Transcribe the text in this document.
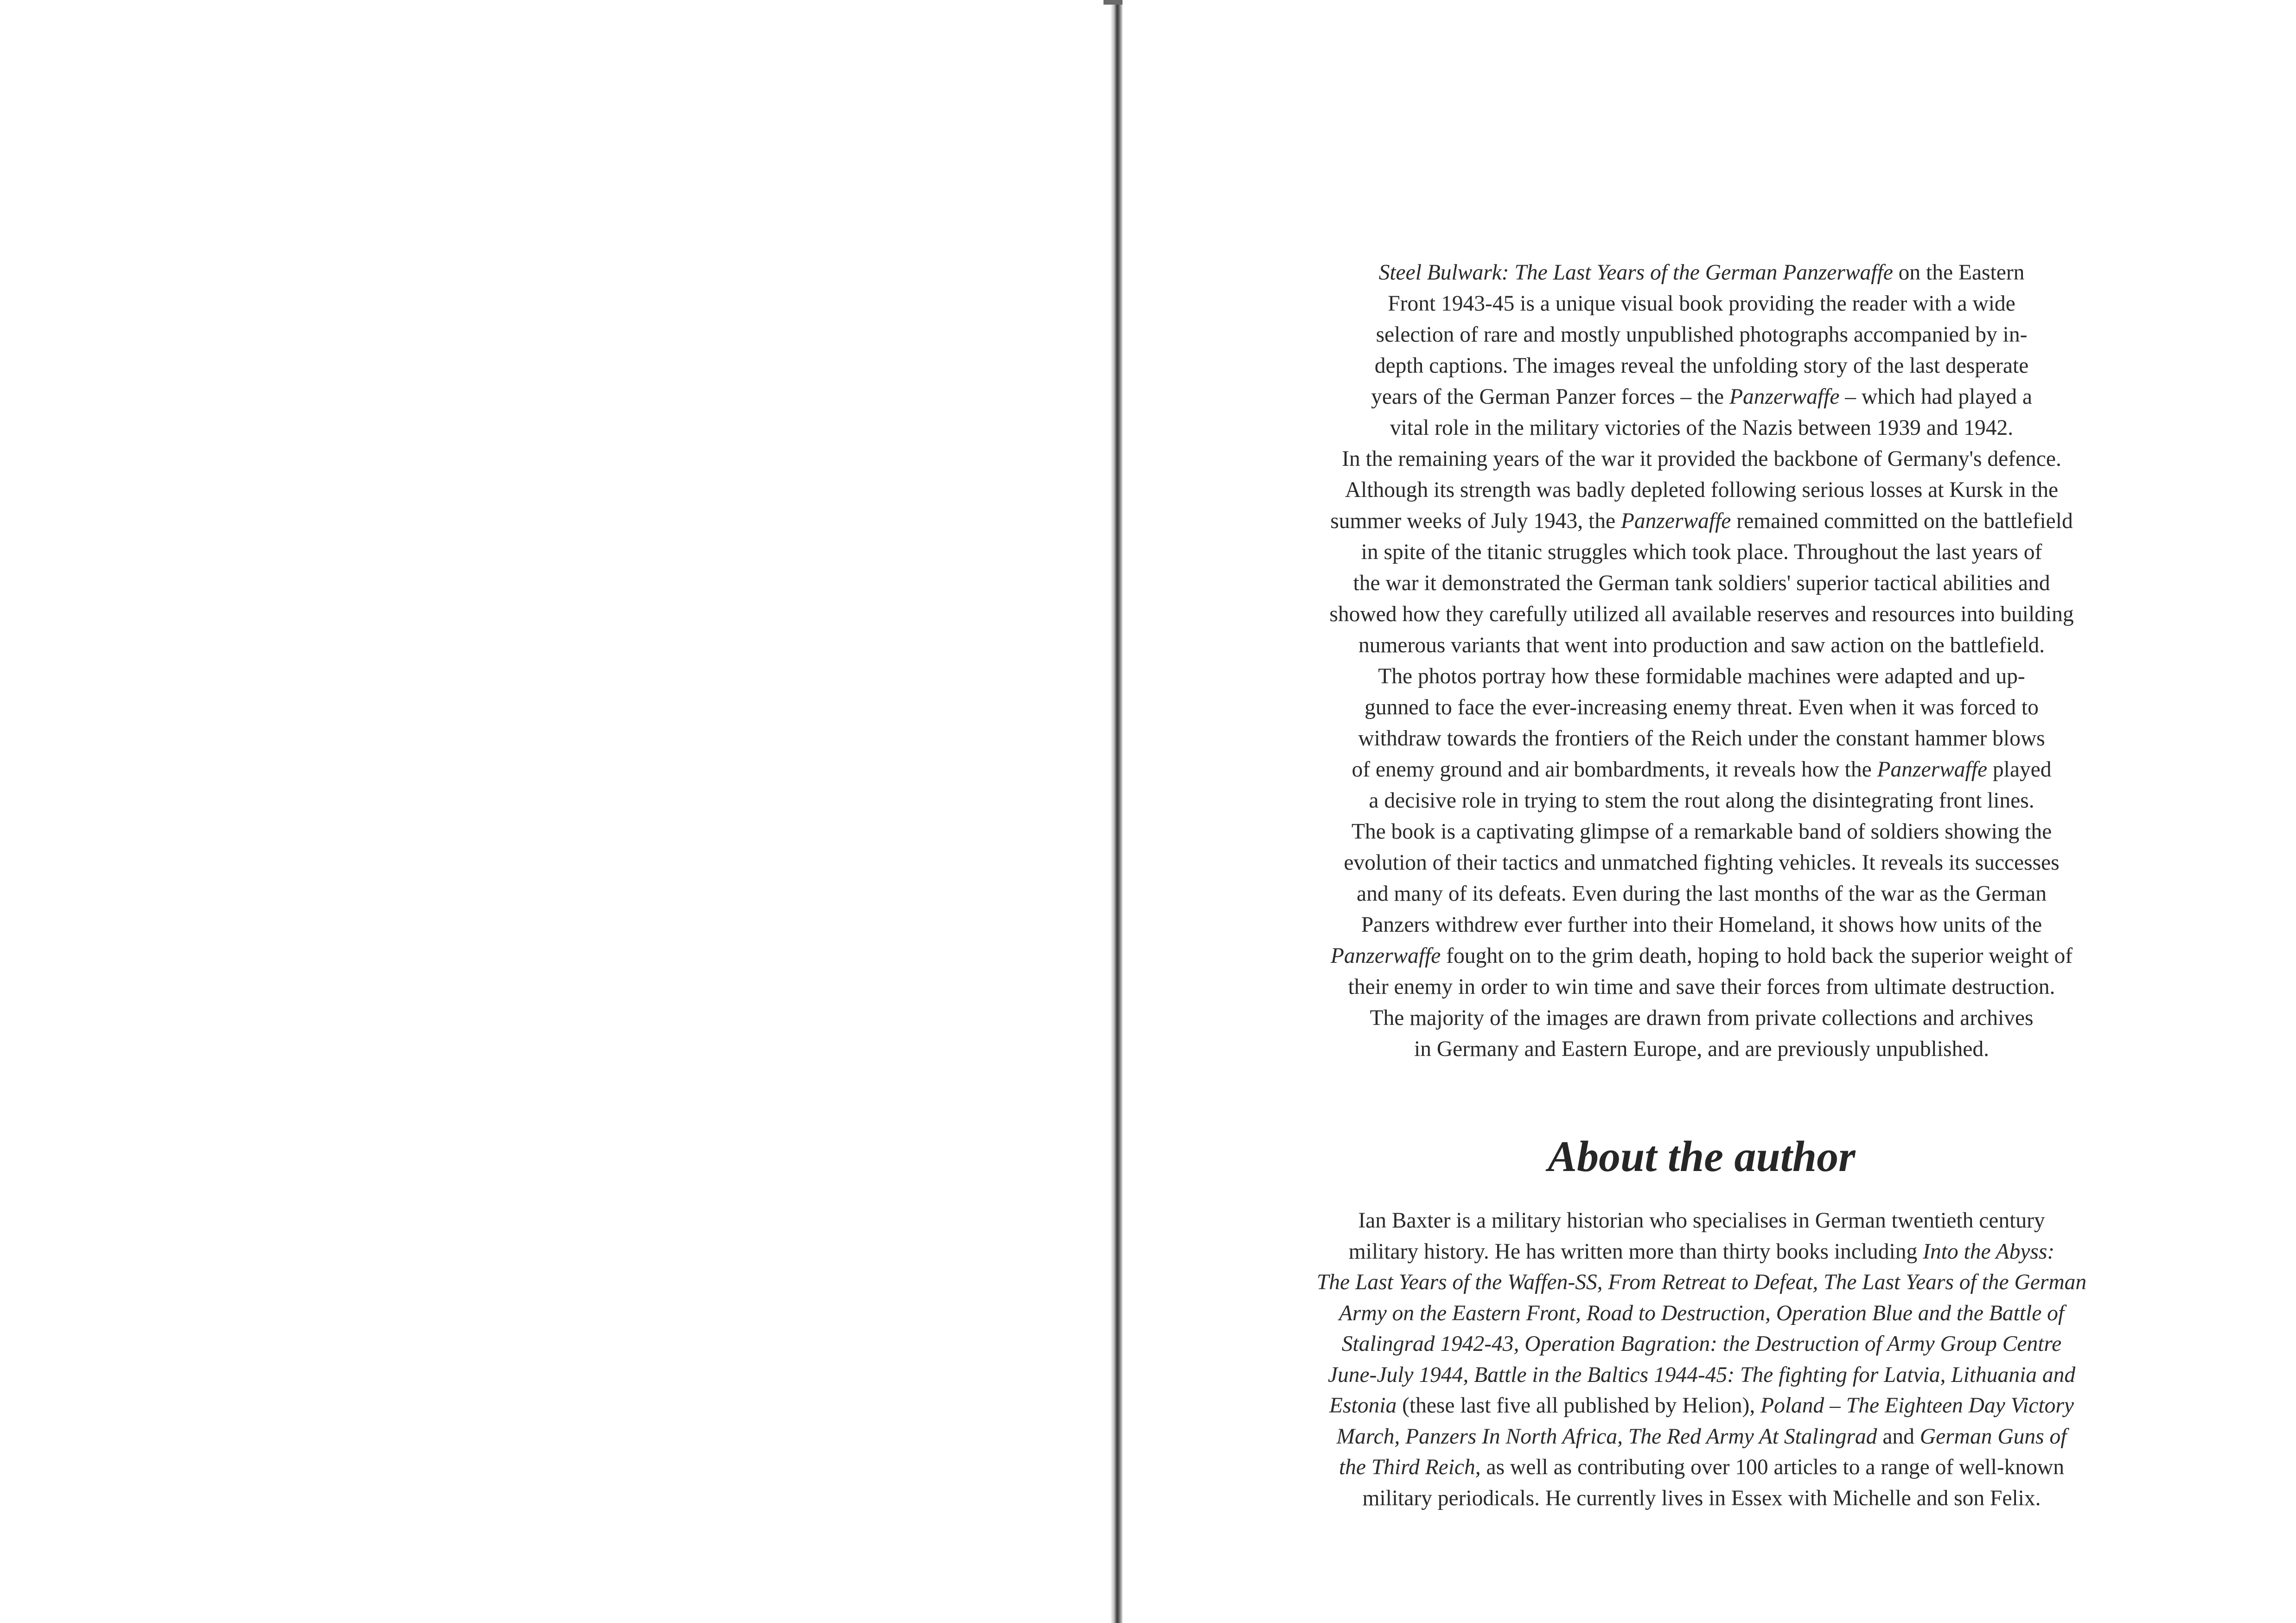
Steel Bulwark: The Last Years of the German Panzerwaffe on the Eastern
Front 1943-45 is a unique visual book providing the reader with a wide
selection of rare and mostly unpublished photographs accompanied by in-
depth captions. The images reveal the unfolding story of the last desperate
years of the German Panzer forces – the Panzerwaffe – which had played a
vital role in the military victories of the Nazis between 1939 and 1942.
In the remaining years of the war it provided the backbone of Germany's defence.
Although its strength was badly depleted following serious losses at Kursk in the
summer weeks of July 1943, the Panzerwaffe remained committed on the battlefield
in spite of the titanic struggles which took place. Throughout the last years of
the war it demonstrated the German tank soldiers' superior tactical abilities and
showed how they carefully utilized all available reserves and resources into building
numerous variants that went into production and saw action on the battlefield.
The photos portray how these formidable machines were adapted and up-
gunned to face the ever-increasing enemy threat. Even when it was forced to
withdraw towards the frontiers of the Reich under the constant hammer blows
of enemy ground and air bombardments, it reveals how the Panzerwaffe played
a decisive role in trying to stem the rout along the disintegrating front lines.
The book is a captivating glimpse of a remarkable band of soldiers showing the
evolution of their tactics and unmatched fighting vehicles. It reveals its successes
and many of its defeats. Even during the last months of the war as the German
Panzers withdrew ever further into their Homeland, it shows how units of the
Panzerwaffe fought on to the grim death, hoping to hold back the superior weight of
their enemy in order to win time and save their forces from ultimate destruction.
The majority of the images are drawn from private collections and archives
in Germany and Eastern Europe, and are previously unpublished.

About the author

Ian Baxter is a military historian who specialises in German twentieth century
military history. He has written more than thirty books including Into the Abyss:
The Last Years of the Waffen-SS, From Retreat to Defeat, The Last Years of the German
Army on the Eastern Front, Road to Destruction, Operation Blue and the Battle of
Stalingrad 1942-43, Operation Bagration: the Destruction of Army Group Centre
June-July 1944, Battle in the Baltics 1944-45: The fighting for Latvia, Lithuania and
Estonia (these last five all published by Helion), Poland – The Eighteen Day Victory
March, Panzers In North Africa, The Red Army At Stalingrad and German Guns of
the Third Reich, as well as contributing over 100 articles to a range of well-known
military periodicals. He currently lives in Essex with Michelle and son Felix.
